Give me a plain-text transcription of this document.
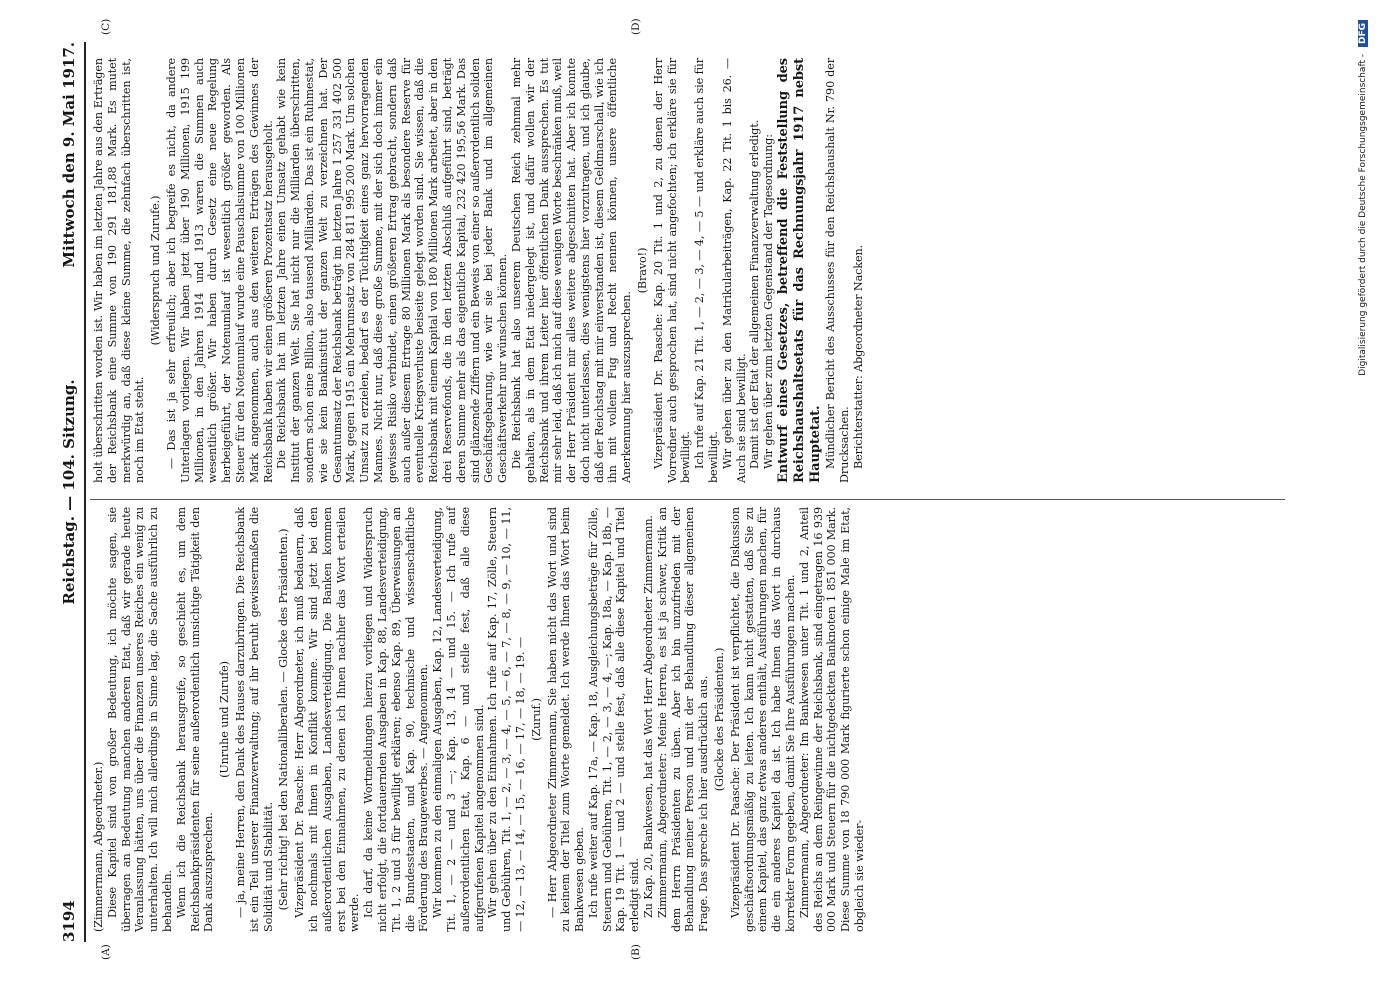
3194
Reichstag. — 104. Sitzung.
Mittwoch den 9. Mai 1917.
(A)	(B)
(C)	(D)

(Zimmermann, Abgeordneter.) Diese Kapitel sind von großer Bedeutung, ich möchte sagen, sie überragen an Bedeutung manchen anderen Etat, daß wir gerade heute Veranlassung hätten, uns über die Finanzen unseres Reiches ein wenig zu unterhalten. Ich will mich allerdings in Sinne lag, die Sache ausführlich zu behandeln. Wenn ich die Reichsbank herausgreife, so geschieht es, um dem Reichsbankpräsidenten für seine außerordentlich umsichtige Tätigkeit den Dank auszusprechen.

(Unruhe und Zurufe) — ja, meine Herren, den Dank des Hauses darzubringen. Die Reichsbank ist ein Teil unserer Finanzverwaltung; auf ihr beruht gewissermaßen die Solidität und Stabilität. (Sehr richtig! bei den Nationalliberalen. — Glocke des Präsidenten.) Vizepräsident Dr. Paasche: Herr Abgeordneter, ich muß bedauern, daß ich nochmals mit Ihnen in Konflikt komme. Wir sind jetzt bei den außerordentlichen Ausgaben, Landesverteidigung. Die Banken kommen erst bei den Einnahmen, zu denen ich Ihnen nachher das Wort erteilen werde. Ich darf, da keine Wortmeldungen hierzu vorliegen und Widerspruch nicht erfolgt, die fortdauernden Ausgaben in Kap. 88, Landesverteidigung, Tit. 1, 2 und 3 für bewilligt erklären; ebenso Kap. 89, Überweisungen an die Bundesstaaten, und Kap. 90, technische und wissenschaftliche Förderung des Braugewerbes. — Angenommen. Wir kommen zu den einmaligen Ausgaben, Kap. 12, Landesverteidigung, Tit. 1, — 2 — und 3 —; Kap. 13, 14 — und 15. — Ich rufe auf außerordentlichen Etat, Kap. 6 — und stelle fest, daß alle diese aufgerufenen Kapitel angenommen sind. Wir gehen über zu den Einnahmen. Ich rufe auf Kap. 17, Zölle, Steuern und Gebühren, Tit. 1, — 2, — 3, — 4, — 5, — 6, — 7, — 8, — 9, — 10, — 11, — 12, — 13, — 14, — 15, — 16, — 17, — 18, — 19. — (Zuruf.) — Herr Abgeordneter Zimmermann, Sie haben nicht das Wort und sind zu keinem der Titel zum Worte gemeldet. Ich werde Ihnen das Wort beim Bankwesen geben. Ich rufe weiter auf Kap. 17a, — Kap. 18, Ausgleichungsbeträge für Zölle, Steuern und Gebühren, Tit. 1, — 2, — 3, — 4, —; Kap. 18a, — Kap. 18b, — Kap. 19 Tit. 1 — und 2 — und stelle fest, daß alle diese Kapitel und Titel erledigt sind. Zu Kap. 20, Bankwesen, hat das Wort Herr Abgeordneter Zimmermann. Zimmermann, Abgeordneter: Meine Herren, es ist ja schwer, Kritik an dem Herrn Präsidenten zu üben. Aber ich bin unzufrieden mit der Behandlung meiner Person und mit der Behandlung dieser allgemeinen Frage. Das spreche ich hier ausdrücklich aus. (Glocke des Präsidenten.) Vizepräsident Dr. Paasche: Der Präsident ist verpflichtet, die Diskussion geschäftsordnungsmäßig zu leiten. Ich kann nicht gestatten, daß Sie zu einem Kapitel, das ganz etwas anderes enthält, Ausführungen machen, für die ein anderes Kapitel da ist. Ich habe Ihnen das Wort in durchaus korrekter Form gegeben, damit Sie Ihre Ausführungen machen. Zimmermann, Abgeordneter: Im Bankwesen unter Tit. 1 und 2, Anteil des Reichs an dem Reingewinne der Reichsbank, sind eingetragen 16 939 000 Mark und Steuern für die nichtgedeckten Banknoten 1 851 000 Mark. Diese Summe von 18 790 000 Mark figurierte schon einige Male im Etat, obgleich sie wieder-

holt überschritten worden ist. Wir haben im letzten Jahre aus den Erträgen der Reichsbank eine Summe von 190 291 181,88 Mark. Es mutet merkwürdig an, daß diese kleine Summe, die zehnfach überschritten ist, noch im Etat steht.

(Widerspruch und Zurufe.) — Das ist ja sehr erfreulich; aber ich begreife es nicht, da andere Unterlagen vorliegen. Wir haben jetzt über 190 Millionen, 1915 199 Millionen, in den Jahren 1914 und 1913 waren die Summen auch wesentlich größer. Wir haben durch Gesetz eine neue Regelung herbeigeführt, der Notenumlauf ist wesentlich größer geworden. Als Steuer für den Notenumlauf wurde eine Pauschalsumme von 100 Millionen Mark angenommen, auch aus den weiteren Erträgen des Gewinnes der Reichsbank haben wir einen größeren Prozentsatz herausgeholt. Die Reichsbank hat im letzten Jahre einen Umsatz gehabt wie kein Institut der ganzen Welt. Sie hat nicht nur die Milliarden überschritten, sondern schon eine Billion, also tausend Milliarden. Das ist ein Ruhmestat, wie sie kein Bankinstitut der ganzen Welt zu verzeichnen hat. Der Gesamtumsatz der Reichsbank beträgt im letzten Jahre 1 257 331 402 500 Mark, gegen 1915 ein Mehrumsatz von 284 811 995 200 Mark. Um solchen Umsatz zu erzielen, bedarf es der Tüchtigkeit eines ganz hervorragenden Mannes. Nicht nur, daß diese große Summe, mit der sich doch immer ein gewisses Risiko verbindet, einen größeren Ertrag gebracht, sondern daß auch außer diesem Ertrage 80 Millionen Mark als besondere Reserve für eventuelle Kriegsverluste beiseite gelegt worden sind. Sie wissen, daß die Reichsbank mit einem Kapital von 180 Millionen Mark arbeitet, aber in den drei Reservefonds, die in den letzten Abschluß aufgeführt sind, beträgt deren Summe mehr als das eigentliche Kapital, 232 420 195,56 Mark. Das sind glänzende Ziffern und ein Beweis von einer so außerordentlich soliden Geschäftsgebarung, wie wir sie bei jeder Bank und im allgemeinen Geschäftsverkehr nur wünschen können. Die Reichsbank hat also unserem Deutschen Reich zehnmal mehr gehalten, als in dem Etat niedergelegt ist, und dafür wollen wir der Reichsbank und ihrem Leiter hier öffentlichen Dank aussprechen. Es tut mir sehr leid, daß ich mich auf diese wenigen Worte beschränken muß, weil der Herr Präsident mir alles weitere abgeschnitten hat. Aber ich konnte doch nicht unterlassen, dies wenigstens hier vorzutragen, und ich glaube, daß der Reichstag mit mir einverstanden ist, diesem Geldmarschall, wie ich ihn mit vollem Fug und Recht nennen können, unsere öffentliche Anerkennung hier auszusprechen.

(Bravo!) Vizepräsident Dr. Paasche: Kap. 20 Tit. 1 und 2, zu denen der Herr Vorredner auch gesprochen hat, sind nicht angefochten; ich erkläre sie für bewilligt. Ich rufe auf Kap. 21 Tit. 1, — 2, — 3, — 4, — 5 — und erkläre auch sie für bewilligt. Wir gehen über zu den Matrikularbeiträgen, Kap. 22 Tit. 1 bis 26. — Auch sie sind bewilligt. Damit ist der Etat der allgemeinen Finanzverwaltung erledigt. Wir gehen über zum letzten Gegenstand der Tagesordnung: Entwurf eines Gesetzes, betreffend die Feststellung des Reichshaushaltsetats für das Rechnungsjahr 1917 nebst Hauptetat. Mündlicher Bericht des Ausschusses für den Reichshaushalt Nr. 790 der Drucksachen. Berichterstatter: Abgeordneter Nacken.	Digitalisierung gefördert durch die Deutsche Forschungsgemeinschaft - DFG
